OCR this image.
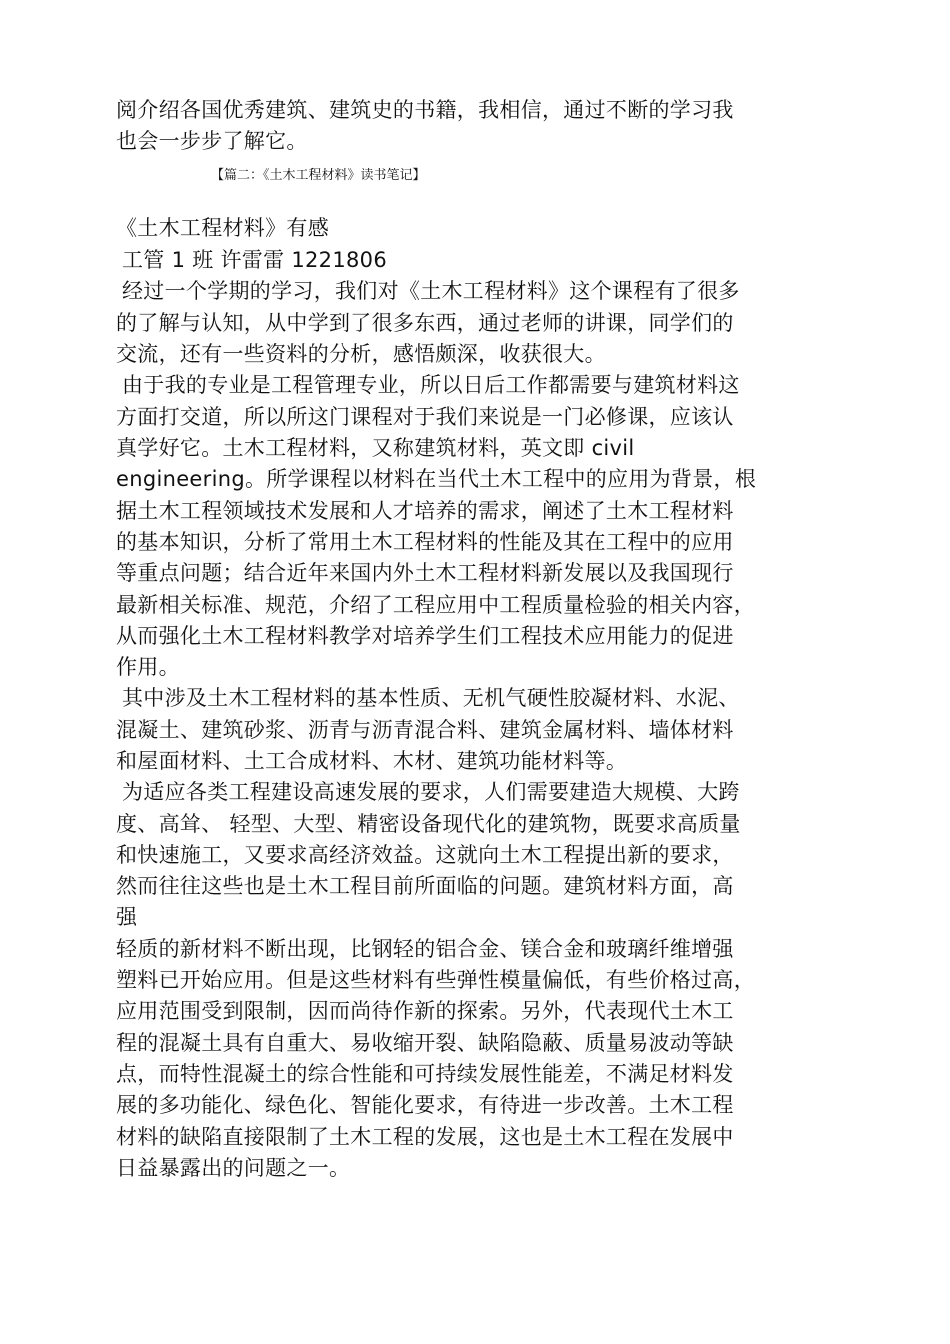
阅介绍各国优秀建筑、建筑史的书籍，我相信，通过不断的学习我
也会一步步了解它。
【篇二：《土木工程材料》读书笔记】
《土木工程材料》有感
工管 1 班 许雷雷 1221806
经过一个学期的学习，我们对《土木工程材料》这个课程有了很多
的了解与认知，从中学到了很多东西，通过老师的讲课，同学们的
交流，还有一些资料的分析，感悟颇深，收获很大。
由于我的专业是工程管理专业，所以日后工作都需要与建筑材料这
方面打交道，所以所这门课程对于我们来说是一门必修课，应该认
真学好它。土木工程材料，又称建筑材料，英文即 civil
engineering。所学课程以材料在当代土木工程中的应用为背景，根
据土木工程领域技术发展和人才培养的需求，阐述了土木工程材料
的基本知识，分析了常用土木工程材料的性能及其在工程中的应用
等重点问题；结合近年来国内外土木工程材料新发展以及我国现行
最新相关标准、规范，介绍了工程应用中工程质量检验的相关内容，
从而强化土木工程材料教学对培养学生们工程技术应用能力的促进
作用。
其中涉及土木工程材料的基本性质、无机气硬性胶凝材料、水泥、
混凝土、建筑砂浆、沥青与沥青混合料、建筑金属材料、墙体材料
和屋面材料、土工合成材料、木材、建筑功能材料等。
为适应各类工程建设高速发展的要求，人们需要建造大规模、大跨
度、高耸、 轻型、大型、精密设备现代化的建筑物，既要求高质量
和快速施工，又要求高经济效益。这就向土木工程提出新的要求，
然而往往这些也是土木工程目前所面临的问题。建筑材料方面，高
强
轻质的新材料不断出现，比钢轻的铝合金、镁合金和玻璃纤维增强
塑料已开始应用。但是这些材料有些弹性模量偏低，有些价格过高，
应用范围受到限制，因而尚待作新的探索。另外，代表现代土木工
程的混凝土具有自重大、易收缩开裂、缺陷隐蔽、质量易波动等缺
点，而特性混凝土的综合性能和可持续发展性能差，不满足材料发
展的多功能化、绿色化、智能化要求，有待进一步改善。土木工程
材料的缺陷直接限制了土木工程的发展，这也是土木工程在发展中
日益暴露出的问题之一。
